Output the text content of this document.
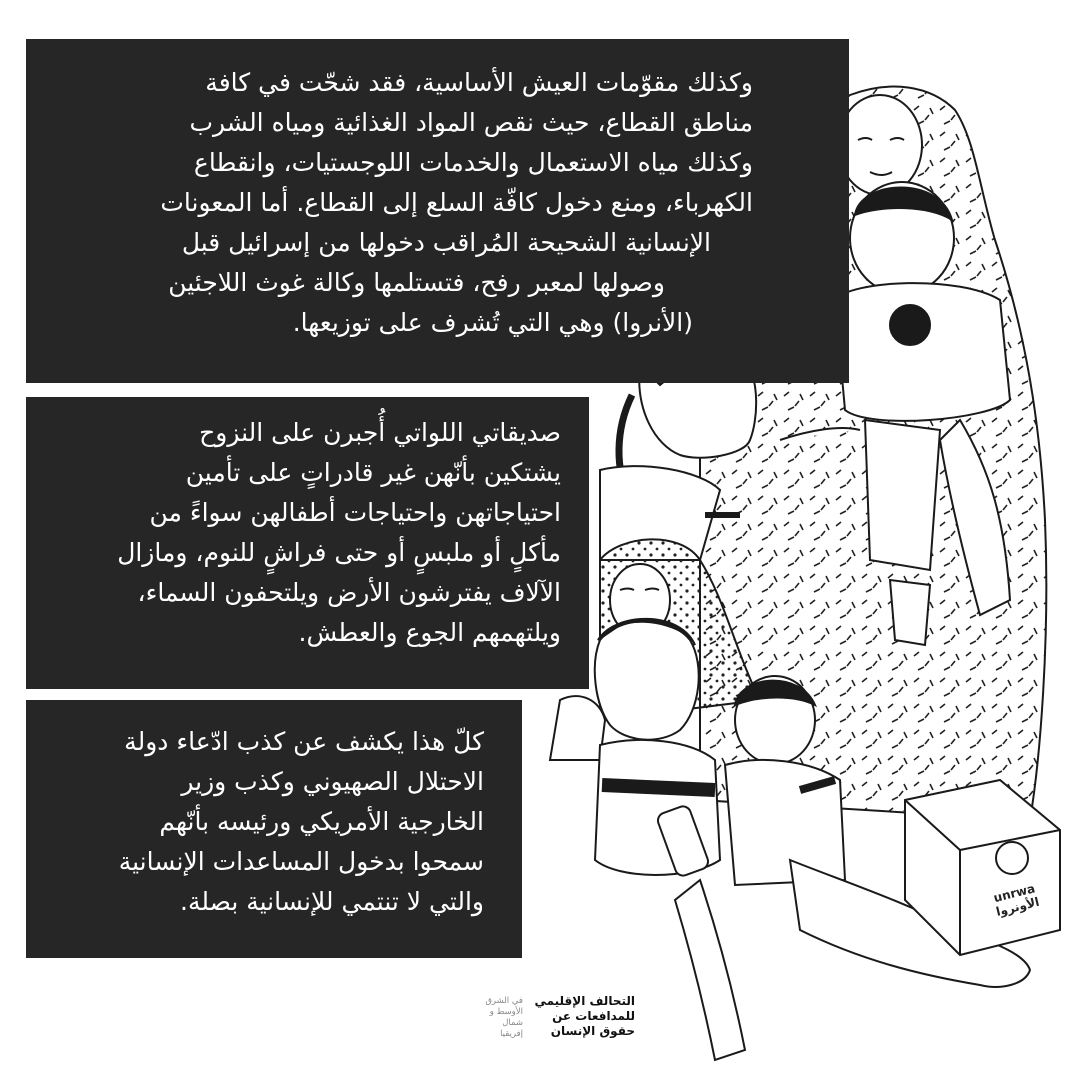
وكذلك مقوّمات العيش الأساسية، فقد شحّت في كافة
مناطق القطاع، حيث نقص المواد الغذائية ومياه الشرب
وكذلك مياه الاستعمال والخدمات اللوجستيات، وانقطاع
الكهرباء، ومنع دخول كافّة السلع إلى القطاع. أما المعونات
الإنسانية الشحيحة المُراقب دخولها من إسرائيل قبل
وصولها لمعبر رفح، فتستلمها وكالة غوث اللاجئين
(الأنروا) وهي التي تُشرف على توزيعها.
صديقاتي اللواتي أُجبرن على النزوح
يشتكين بأنّهن غير قادراتٍ على تأمين
احتياجاتهن واحتياجات أطفالهن سواءً من
مأكلٍ أو ملبسٍ أو حتى فراشٍ للنوم، ومازال
الآلاف يفترشون الأرض ويلتحفون السماء،
ويلتهمهم الجوع والعطش.
كلّ هذا يكشف عن كذب ادّعاء دولة
الاحتلال الصهيوني وكذب وزير
الخارجية الأمريكي ورئيسه بأنّهم
سمحوا بدخول المساعدات الإنسانية
والتي لا تنتمي للإنسانية بصلة.	unrwa الأونروا
التحالف الإقليمي
للمدافعات عن
حقوق الإنسان
في الشرق
الأوسط و
شمال
إفريقيا
